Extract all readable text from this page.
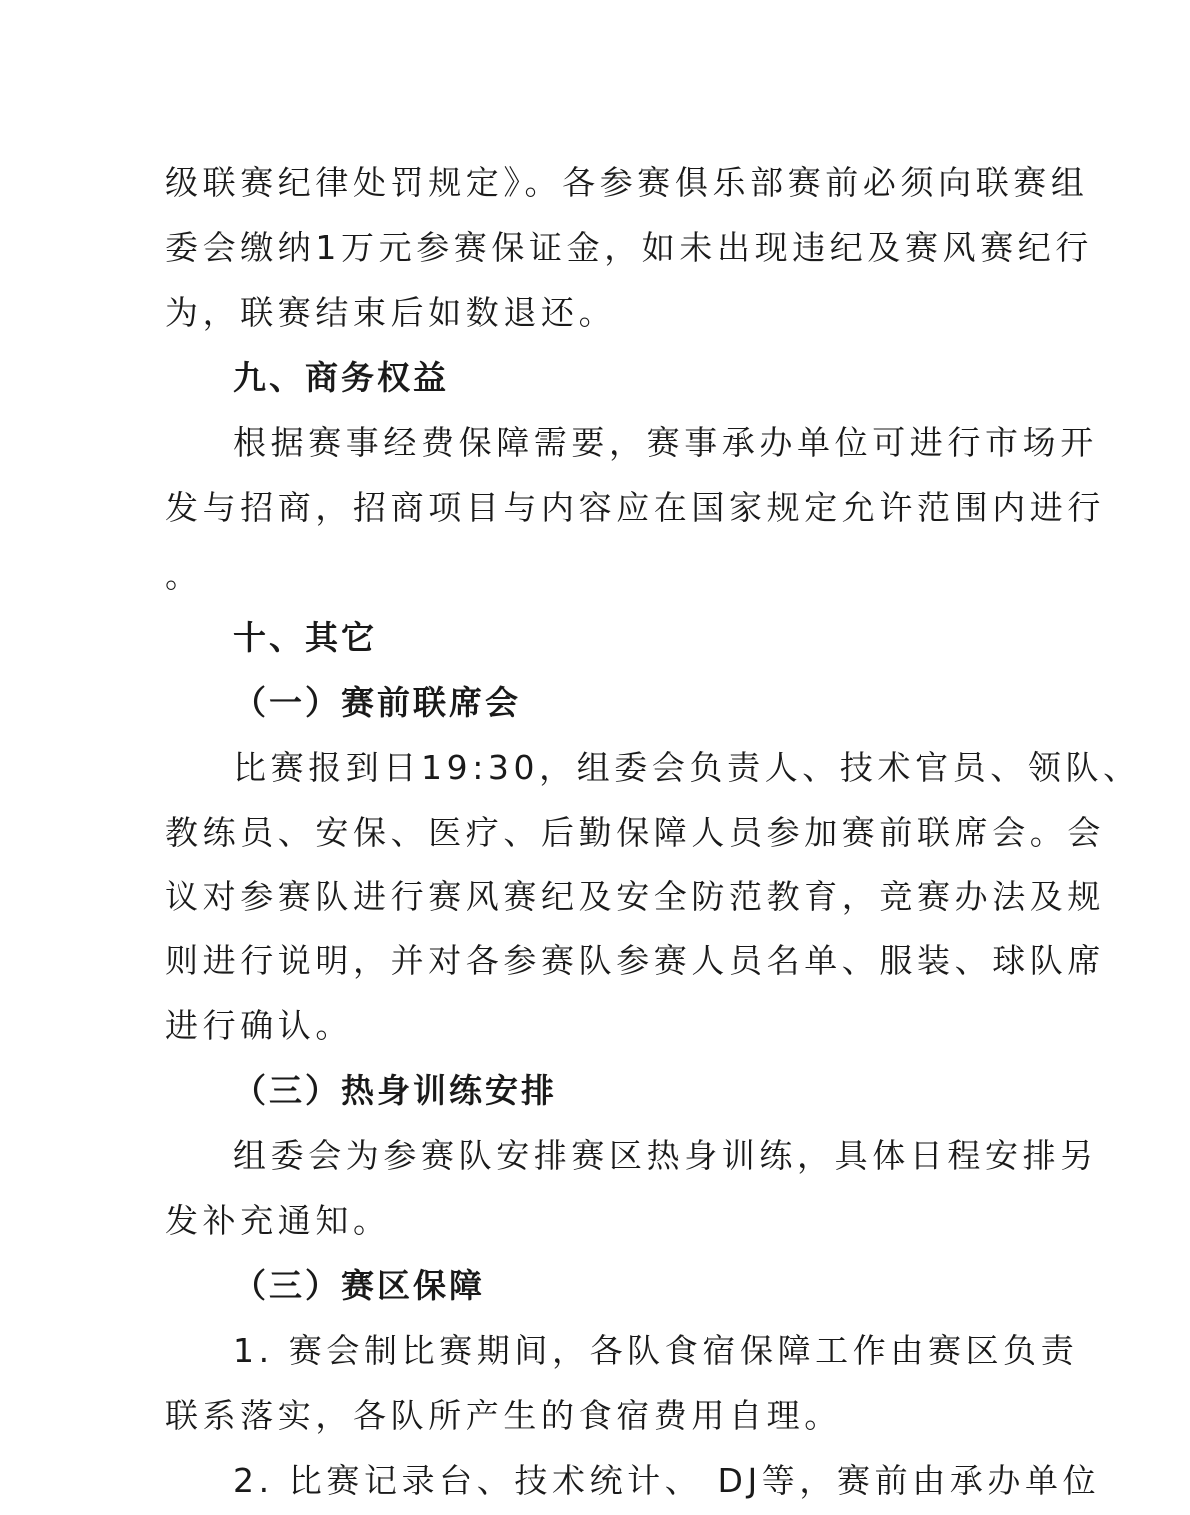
级联赛纪律处罚规定》。各参赛俱乐部赛前必须向联赛组
委会缴纳1万元参赛保证金，如未出现违纪及赛风赛纪行
为，联赛结束后如数退还。
九、商务权益
根据赛事经费保障需要，赛事承办单位可进行市场开
发与招商，招商项目与内容应在国家规定允许范围内进行
。
十、其它
（一）赛前联席会
比赛报到日19:30，组委会负责人、技术官员、领队、
教练员、安保、医疗、后勤保障人员参加赛前联席会。会
议对参赛队进行赛风赛纪及安全防范教育，竞赛办法及规
则进行说明，并对各参赛队参赛人员名单、服装、球队席
进行确认。
（三）热身训练安排
组委会为参赛队安排赛区热身训练，具体日程安排另
发补充通知。
（三）赛区保障
1. 赛会制比赛期间，各队食宿保障工作由赛区负责
联系落实，各队所产生的食宿费用自理。
2. 比赛记录台、技术统计、 DJ等，赛前由承办单位
